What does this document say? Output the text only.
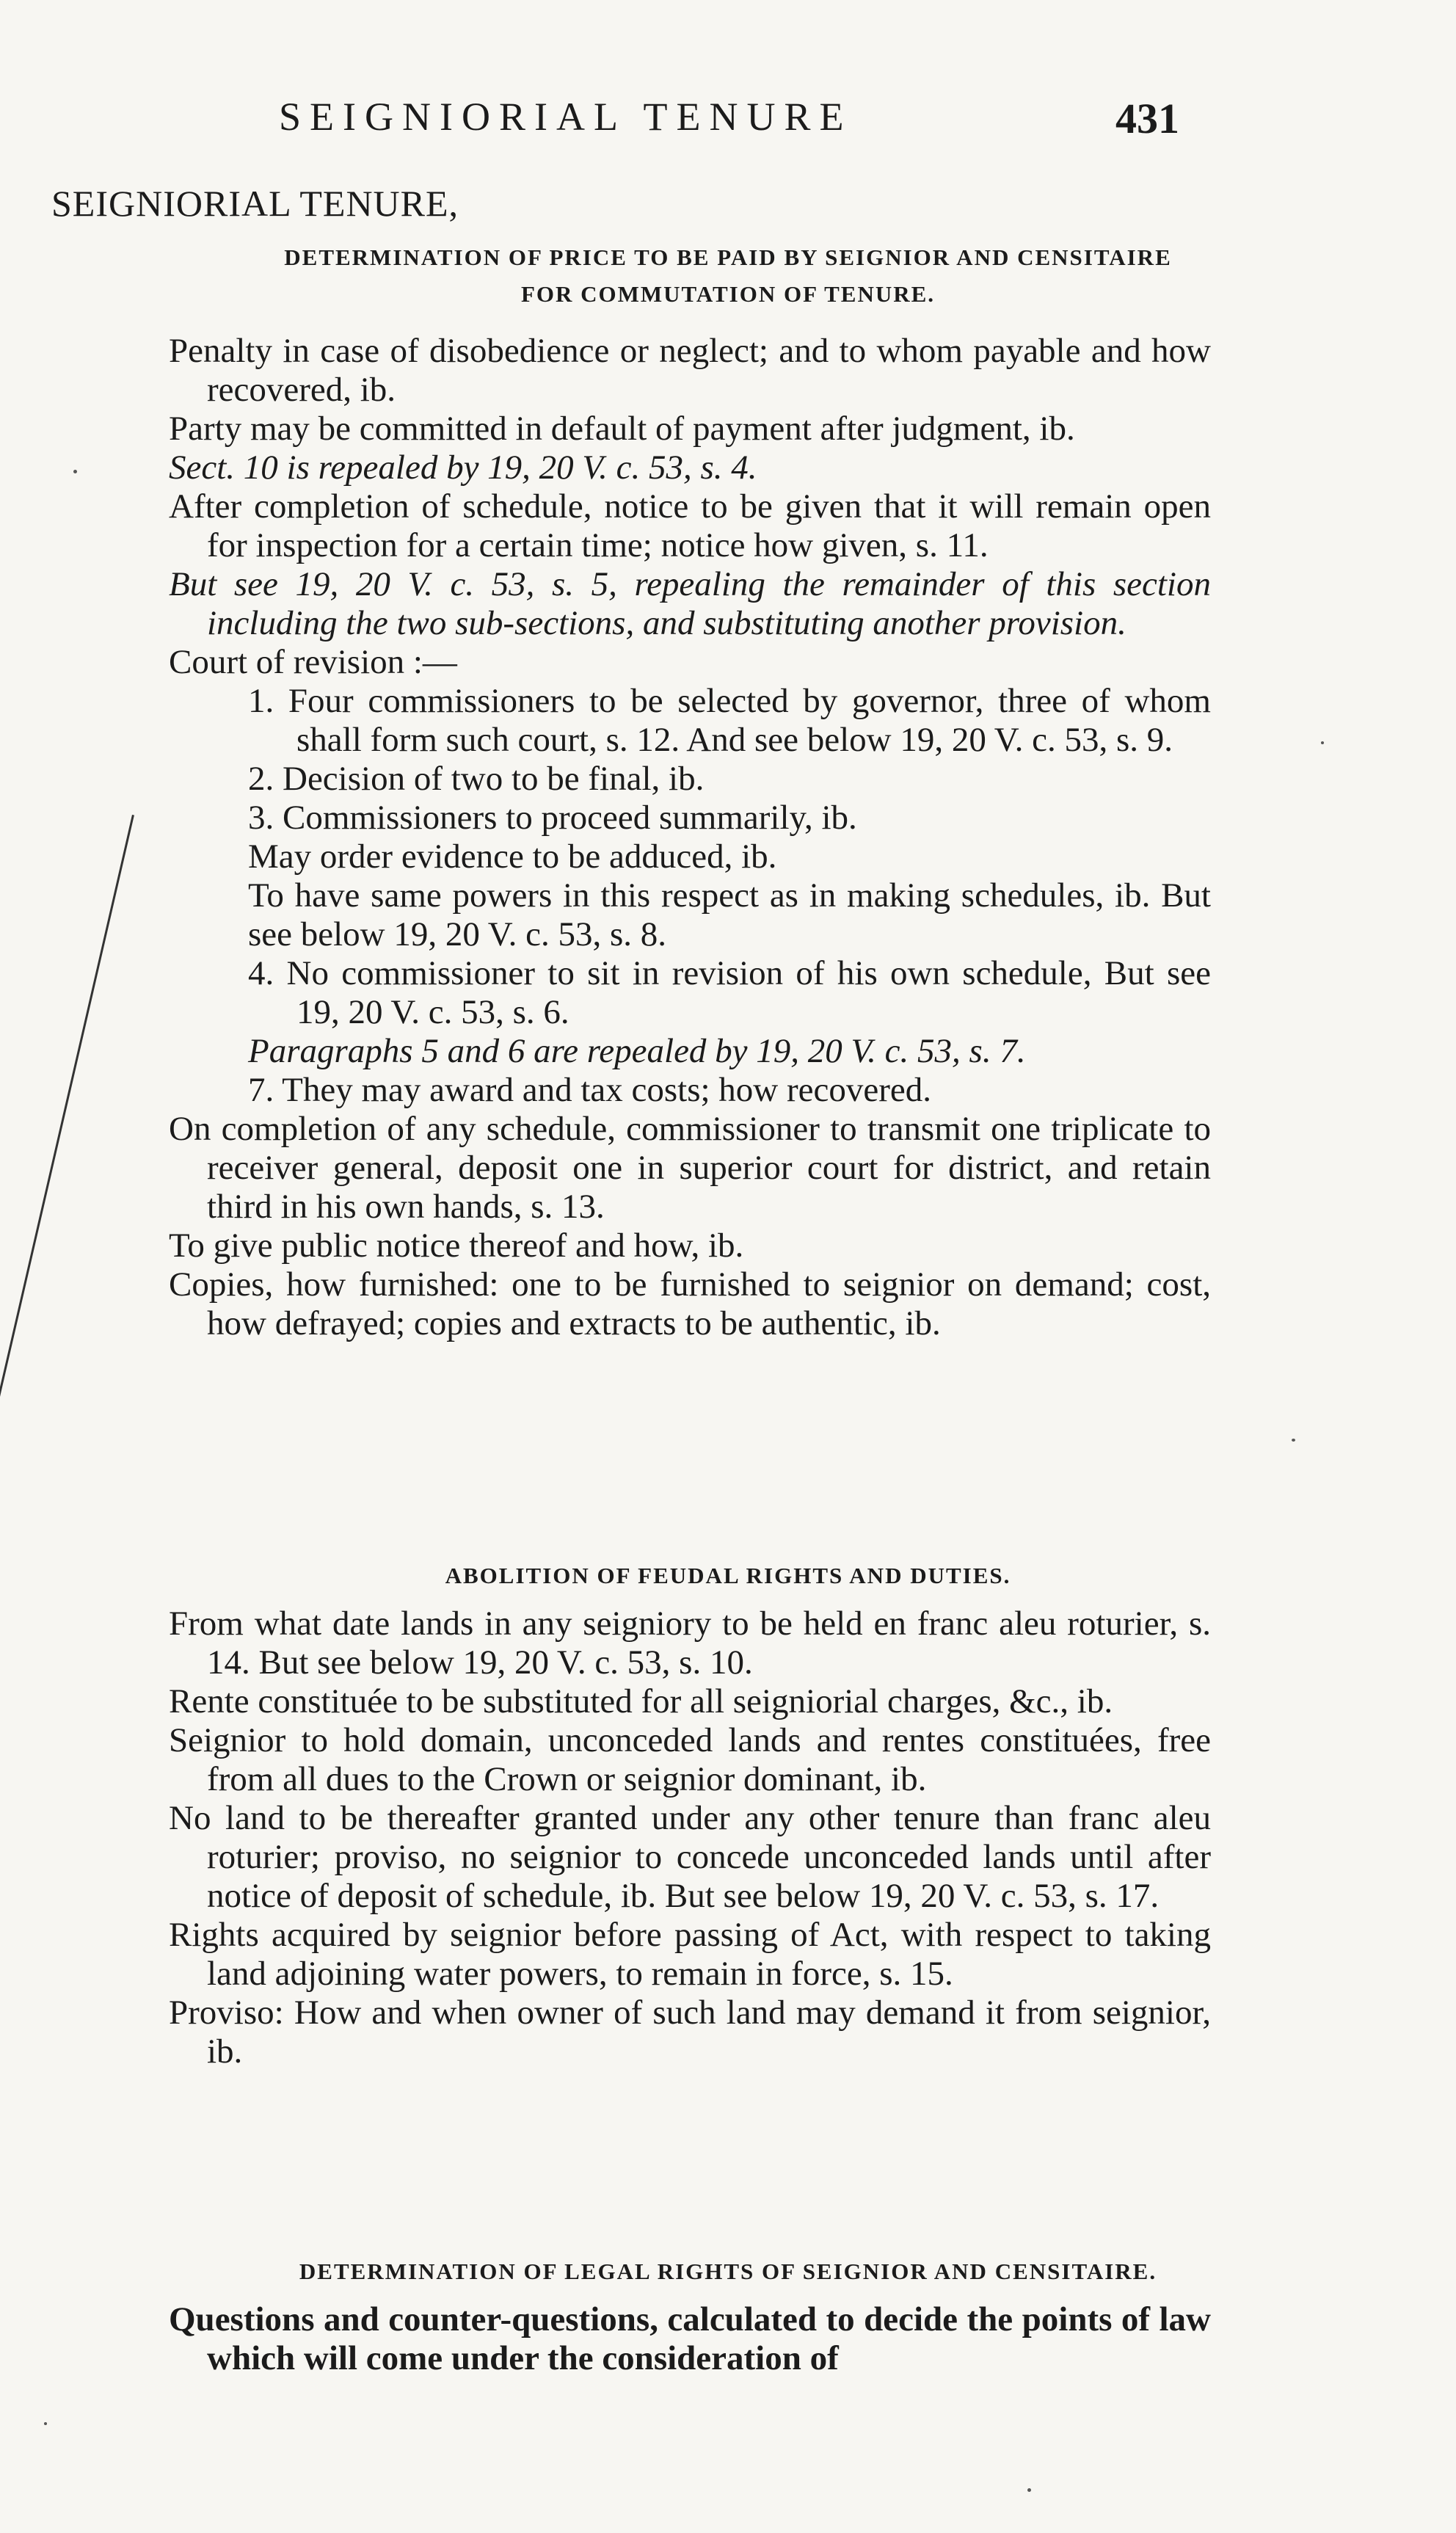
SEIGNIORIAL TENURE	431
SEIGNIORIAL TENURE,
DETERMINATION OF PRICE TO BE PAID BY SEIGNIOR AND CENSITAIRE
FOR COMMUTATION OF TENURE.

Penalty in case of disobedience or neglect; and to whom payable and how recovered, ib.

Party may be committed in default of payment after judgment, ib.

Sect. 10 is repealed by 19, 20 V. c. 53, s. 4.

After completion of schedule, notice to be given that it will remain open for inspection for a certain time; notice how given, s. 11.

But see 19, 20 V. c. 53, s. 5, repealing the remainder of this section including the two sub-sections, and substituting another provision.

Court of revision :—

1. Four commissioners to be selected by governor, three of whom shall form such court, s. 12. And see below 19, 20 V. c. 53, s. 9.

2. Decision of two to be final, ib.

3. Commissioners to proceed summarily, ib.

May order evidence to be adduced, ib.

To have same powers in this respect as in making schedules, ib. But see below 19, 20 V. c. 53, s. 8.

4. No commissioner to sit in revision of his own schedule, But see 19, 20 V. c. 53, s. 6.

Paragraphs 5 and 6 are repealed by 19, 20 V. c. 53, s. 7.

7. They may award and tax costs; how recovered.

On completion of any schedule, commissioner to transmit one triplicate to receiver general, deposit one in superior court for district, and retain third in his own hands, s. 13.

To give public notice thereof and how, ib.

Copies, how furnished: one to be furnished to seignior on demand; cost, how defrayed; copies and extracts to be authentic, ib.

ABOLITION OF FEUDAL RIGHTS AND DUTIES.

From what date lands in any seigniory to be held en franc aleu roturier, s. 14. But see below 19, 20 V. c. 53, s. 10.

Rente constituée to be substituted for all seigniorial charges, &c., ib.

Seignior to hold domain, unconceded lands and rentes constituées, free from all dues to the Crown or seignior dominant, ib.

No land to be thereafter granted under any other tenure than franc aleu roturier; proviso, no seignior to concede unconceded lands until after notice of deposit of schedule, ib. But see below 19, 20 V. c. 53, s. 17.

Rights acquired by seignior before passing of Act, with respect to taking land adjoining water powers, to remain in force, s. 15.

Proviso: How and when owner of such land may demand it from seignior, ib.

DETERMINATION OF LEGAL RIGHTS OF SEIGNIOR AND CENSITAIRE.

Questions and counter-questions, calculated to decide the points of law which will come under the consideration of
